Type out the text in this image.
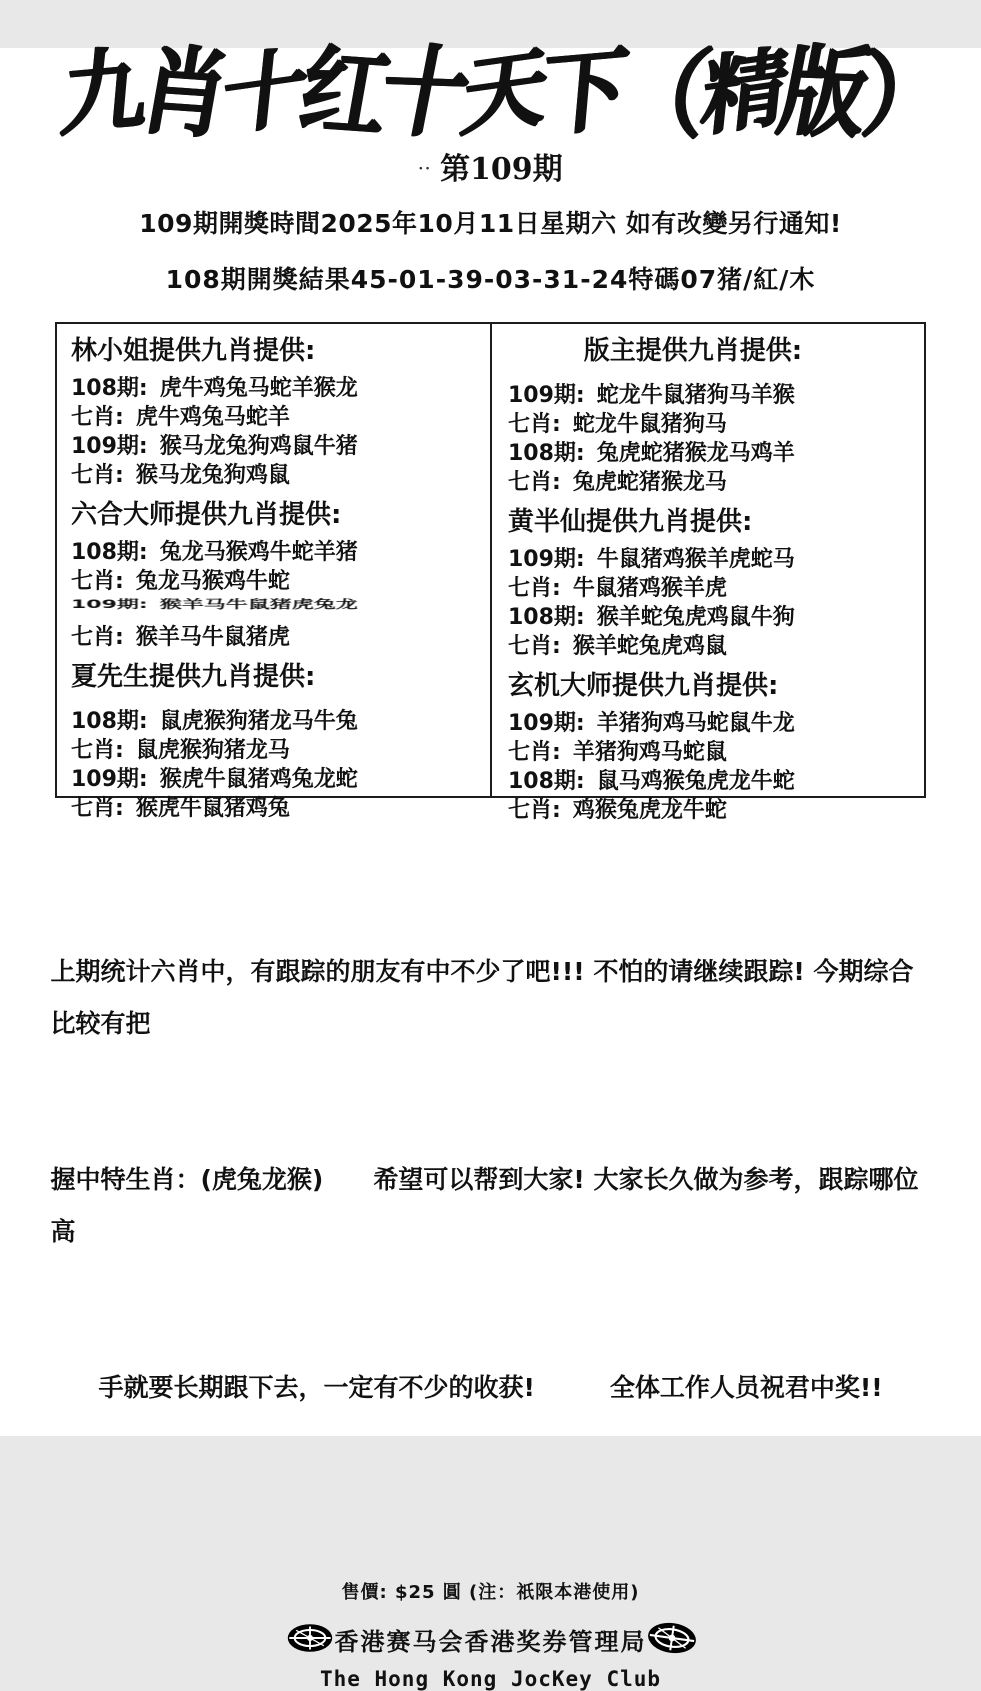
九肖十红十天下（精版）
·· 第109期
109期開獎時間2025年10月11日星期六 如有改變另行通知!
108期開獎結果45-01-39-03-31-24特碼07猪/紅/木
林小姐提供九肖提供:
108期: 虎牛鸡兔马蛇羊猴龙
七肖: 虎牛鸡兔马蛇羊
109期: 猴马龙兔狗鸡鼠牛猪
七肖: 猴马龙兔狗鸡鼠
六合大师提供九肖提供:
108期: 兔龙马猴鸡牛蛇羊猪
七肖: 兔龙马猴鸡牛蛇
109期: 猴羊马牛鼠猪虎兔龙
七肖: 猴羊马牛鼠猪虎
夏先生提供九肖提供:
108期: 鼠虎猴狗猪龙马牛兔
七肖: 鼠虎猴狗猪龙马
109期: 猴虎牛鼠猪鸡兔龙蛇
七肖: 猴虎牛鼠猪鸡兔
版主提供九肖提供:
109期: 蛇龙牛鼠猪狗马羊猴
七肖: 蛇龙牛鼠猪狗马
108期: 兔虎蛇猪猴龙马鸡羊
七肖: 兔虎蛇猪猴龙马
黄半仙提供九肖提供:
109期: 牛鼠猪鸡猴羊虎蛇马
七肖: 牛鼠猪鸡猴羊虎
108期: 猴羊蛇兔虎鸡鼠牛狗
七肖: 猴羊蛇兔虎鸡鼠
玄机大师提供九肖提供:
109期: 羊猪狗鸡马蛇鼠牛龙
七肖: 羊猪狗鸡马蛇鼠
108期: 鼠马鸡猴兔虎龙牛蛇
七肖: 鸡猴兔虎龙牛蛇

上期统计六肖中，有跟踪的朋友有中不少了吧!!! 不怕的请继续跟踪! 今期综合比较有把

握中特生肖：(虎兔龙猴)　　希望可以帮到大家! 大家长久做为参考，跟踪哪位高

手就要长期跟下去，一定有不少的收获!　　　全体工作人员祝君中奖!!

售價: $25 圓 (注：祇限本港使用)
香港赛马会香港奖券管理局
The Hong Kong JocKey Club
